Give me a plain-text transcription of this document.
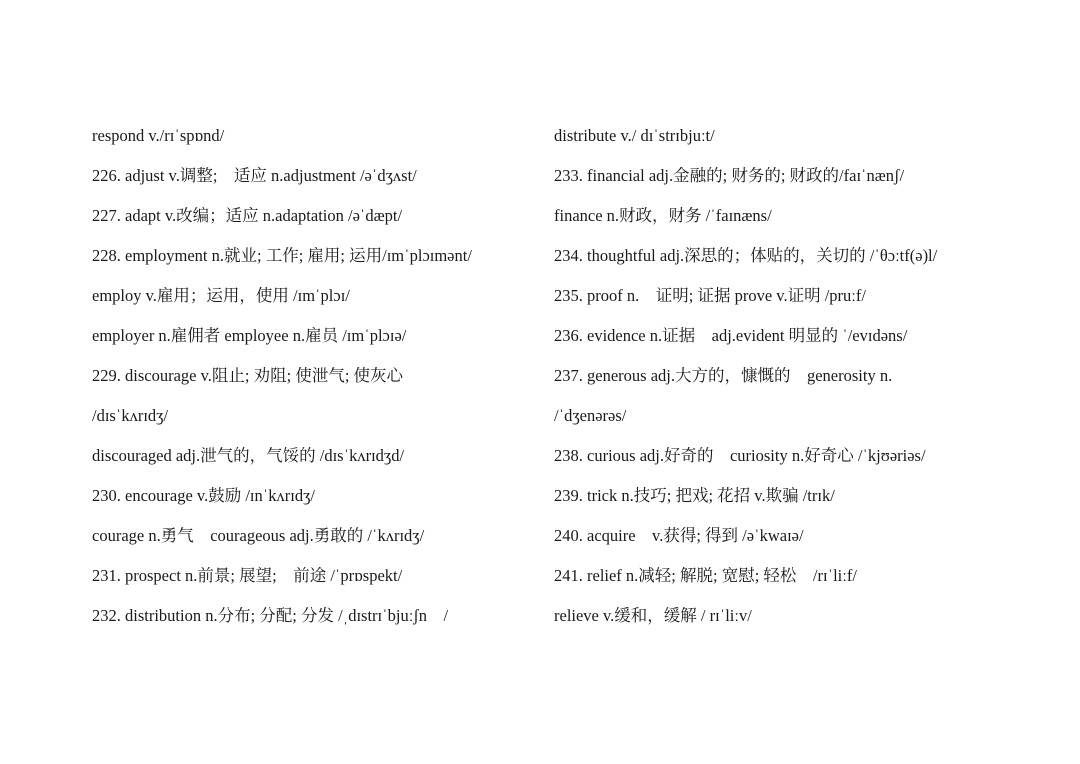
respond v./rɪˈspɒnd/
226. adjust v.调整;　适应 n.adjustment /əˈdʒʌst/
227. adapt v.改编；适应 n.adaptation /əˈdæpt/
228. employment n.就业; 工作; 雇用; 运用/ɪmˈplɔɪmənt/
employ v.雇用；运用，使用 /ɪmˈplɔɪ/
employer n.雇佣者 employee n.雇员 /ɪmˈplɔɪə/
229. discourage v.阻止; 劝阻; 使泄气; 使灰心
/dɪsˈkʌrɪdʒ/
discouraged adj.泄气的，气馁的 /dɪsˈkʌrɪdʒd/
230. encourage v.鼓励 /ɪnˈkʌrɪdʒ/
courage n.勇气　courageous adj.勇敢的 /ˈkʌrɪdʒ/
231. prospect n.前景; 展望;　前途 /ˈprɒspekt/
232. distribution n.分布; 分配; 分发 /ˌdɪstrɪˈbjuːʃn　/
distribute v./ dɪˈstrɪbjuːt/
233. financial adj.金融的; 财务的; 财政的/faɪˈnænʃ/
finance n.财政，财务 /ˈfaɪnæns/
234. thoughtful adj.深思的；体贴的，关切的 /ˈθɔːtf(ə)l/
235. proof n.　证明; 证据 prove v.证明 /pruːf/
236. evidence n.证据　adj.evident 明显的 ˈ/evɪdəns/
237. generous adj.大方的，慷慨的　generosity n.
/ˈdʒenərəs/
238. curious adj.好奇的　curiosity n.好奇心 /ˈkjʊəriəs/
239. trick n.技巧; 把戏; 花招 v.欺骗 /trɪk/
240. acquire　v.获得; 得到 /əˈkwaɪə/
241. relief n.减轻; 解脱; 宽慰; 轻松　/rɪˈliːf/
relieve v.缓和，缓解 / rɪˈliːv/
